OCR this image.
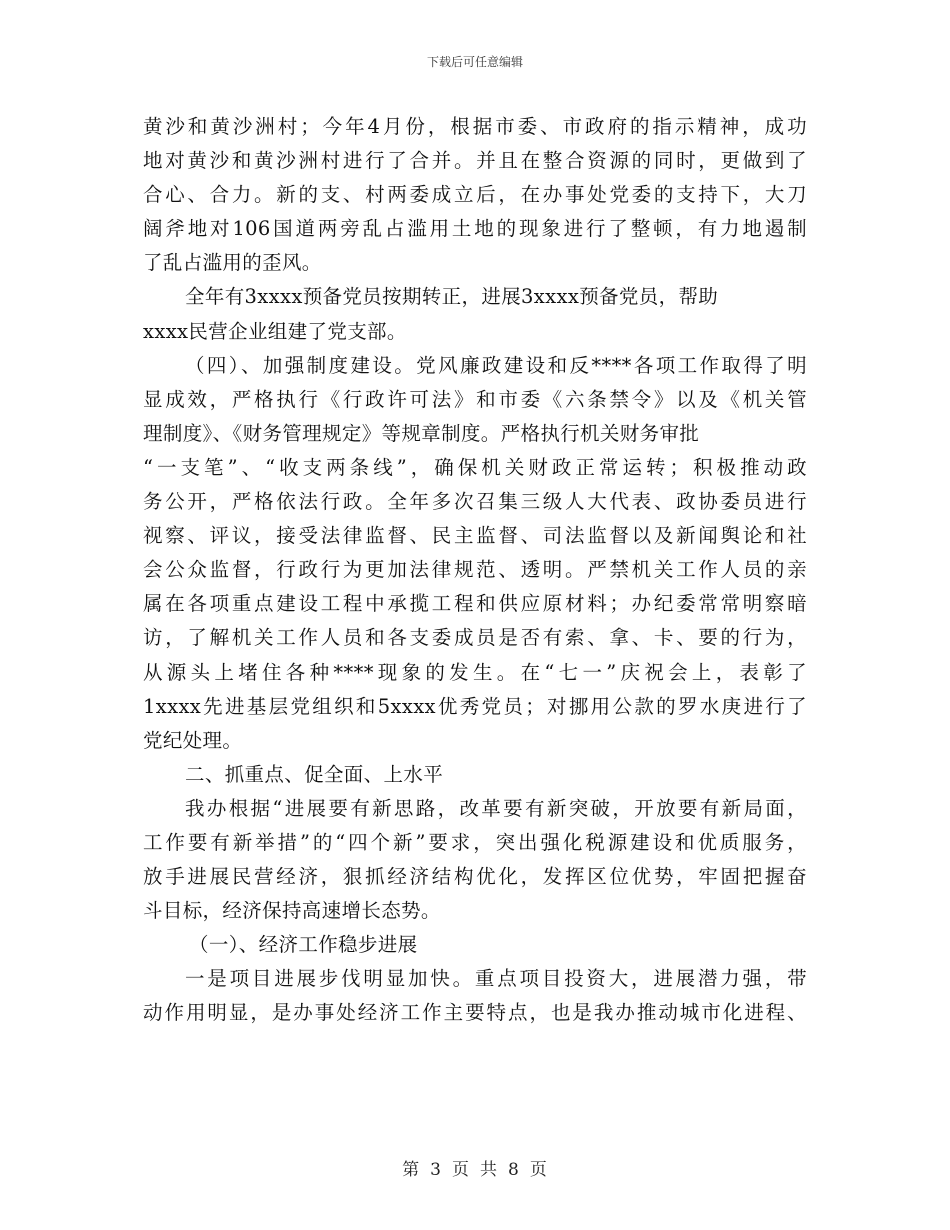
下载后可任意编辑
黄沙和黄沙洲村；今年4月份，根据市委、市政府的指示精神，成功
地对黄沙和黄沙洲村进行了合并。并且在整合资源的同时，更做到了
合心、合力。新的支、村两委成立后，在办事处党委的支持下，大刀
阔斧地对106国道两旁乱占滥用土地的现象进行了整顿，有力地遏制
了乱占滥用的歪风。
全年有3xxxx预备党员按期转正，进展3xxxx预备党员，帮助
xxxx民营企业组建了党支部。
（四）、加强制度建设。党风廉政建设和反****各项工作取得了明
显成效，严格执行《行政许可法》和市委《六条禁令》以及《机关管
理制度》、《财务管理规定》等规章制度。严格执行机关财务审批
“一支笔”、“收支两条线”，确保机关财政正常运转；积极推动政
务公开，严格依法行政。全年多次召集三级人大代表、政协委员进行
视察、评议，接受法律监督、民主监督、司法监督以及新闻舆论和社
会公众监督，行政行为更加法律规范、透明。严禁机关工作人员的亲
属在各项重点建设工程中承揽工程和供应原材料；办纪委常常明察暗
访，了解机关工作人员和各支委成员是否有索、拿、卡、要的行为，
从源头上堵住各种****现象的发生。在“七一”庆祝会上，表彰了
1xxxx先进基层党组织和5xxxx优秀党员；对挪用公款的罗水庚进行了
党纪处理。
二、抓重点、促全面、上水平
我办根据“进展要有新思路，改革要有新突破，开放要有新局面，
工作要有新举措”的“四个新”要求，突出强化税源建设和优质服务，
放手进展民营经济，狠抓经济结构优化，发挥区位优势，牢固把握奋
斗目标，经济保持高速增长态势。
（一）、经济工作稳步进展
一是项目进展步伐明显加快。重点项目投资大，进展潜力强，带
动作用明显，是办事处经济工作主要特点，也是我办推动城市化进程、
第 3 页 共 8 页
